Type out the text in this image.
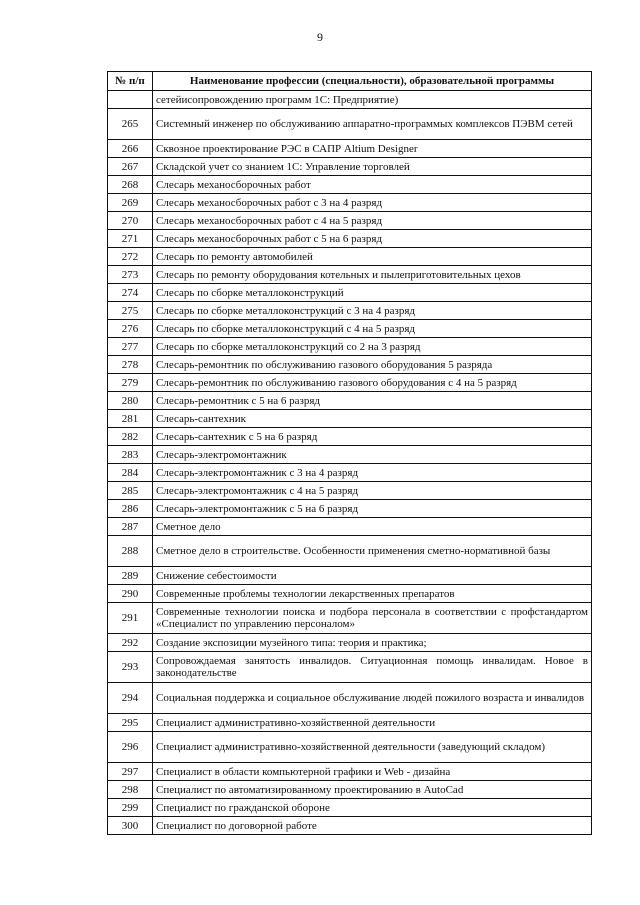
9
№ п/п	Наименование профессии (специальности), образовательной программы
	сетейисопровождению программ 1С: Предприятие)
265	Системный инженер по обслуживанию аппаратно-программых комплексов ПЭВМ сетей
266	Сквозное проектирование РЭС в САПР Altium Designer
267	Складской учет со знанием 1С: Управление торговлей
268	Слесарь механосборочных работ
269	Слесарь механосборочных работ с 3 на 4 разряд
270	Слесарь механосборочных работ с 4 на 5 разряд
271	Слесарь механосборочных работ с 5 на 6 разряд
272	Слесарь по ремонту автомобилей
273	Слесарь по ремонту оборудования котельных и пылеприготовительных цехов
274	Слесарь по сборке металлоконструкций
275	Слесарь по сборке металлоконструкций с 3 на 4 разряд
276	Слесарь по сборке металлоконструкций с 4 на 5 разряд
277	Слесарь по сборке металлоконструкций со 2 на 3 разряд
278	Слесарь-ремонтник по обслуживанию газового оборудования 5 разряда
279	Слесарь-ремонтник по обслуживанию газового оборудования с 4 на 5 разряд
280	Слесарь-ремонтник с 5 на 6 разряд
281	Слесарь-сантехник
282	Слесарь-сантехник с 5 на 6 разряд
283	Слесарь-электромонтажник
284	Слесарь-электромонтажник с 3 на 4 разряд
285	Слесарь-электромонтажник с 4 на 5 разряд
286	Слесарь-электромонтажник с 5 на 6 разряд
287	Сметное дело
288	Сметное дело в строительстве. Особенности применения сметно-нормативной базы
289	Снижение себестоимости
290	Современные проблемы технологии лекарственных препаратов
291	Современные технологии поиска и подбора персонала в соответствии с профстандартом «Специалист по управлению персоналом»
292	Создание экспозиции музейного типа: теория и практика;
293	Сопровождаемая занятость инвалидов. Ситуационная помощь инвалидам. Новое в законодательстве
294	Социальная поддержка и социальное обслуживание людей пожилого возраста и инвалидов
295	Специалист административно-хозяйственной деятельности
296	Специалист административно-хозяйственной деятельности (заведующий складом)
297	Специалист в области компьютерной графики и Web - дизайна
298	Специалист по автоматизированному проектированию в AutoCad
299	Специалист по гражданской обороне
300	Специалист по договорной работе
